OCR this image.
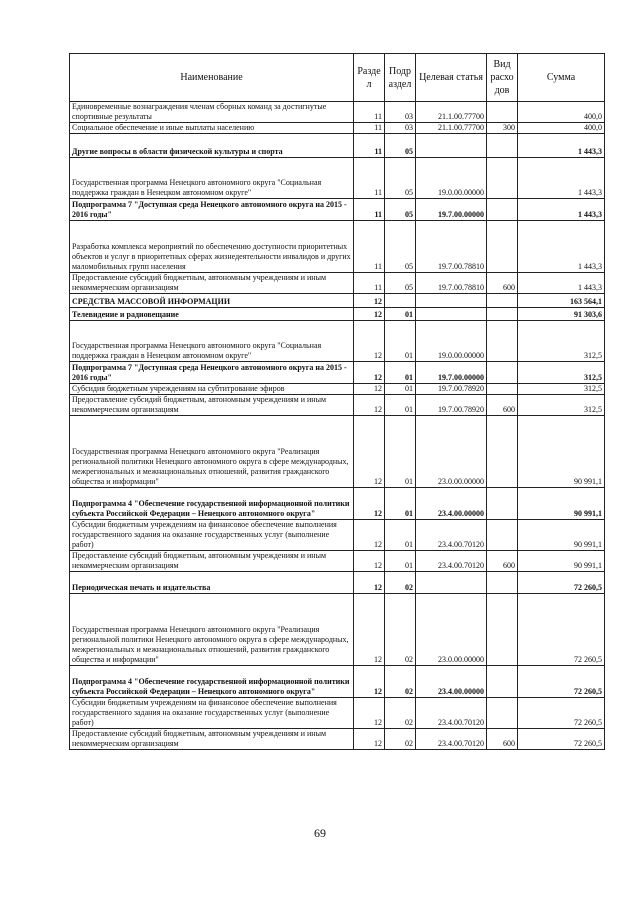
Наименование	Разде л	Подр аздел	Целевая статья	Вид расхо дов	Сумма
Единовременные вознаграждения членам сборных команд за достигнутые спортивные результаты	11	03	21.1.00.77700		400,0
Социальное обеспечение и иные выплаты населению	11	03	21.1.00.77700	300	400,0
Другие вопросы в области физической культуры и спорта	11	05			1 443,3
Государственная программа Ненецкого автономного округа "Социальная поддержка граждан в Ненецком автономном округе"	11	05	19.0.00.00000		1 443,3
Подпрограмма 7 "Доступная среда Ненецкого автономного округа на 2015 - 2016 годы"	11	05	19.7.00.00000		1 443,3
Разработка комплекса мероприятий по обеспечению доступности приоритетных объектов и услуг в приоритетных сферах жизнедеятельности инвалидов и других маломобильных групп населения	11	05	19.7.00.78810		1 443,3
Предоставление субсидий бюджетным, автономным учреждениям и иным некоммерческим организациям	11	05	19.7.00.78810	600	1 443,3
СРЕДСТВА МАССОВОЙ ИНФОРМАЦИИ	12				163 564,1
Телевидение и радиовещание	12	01			91 303,6
Государственная программа Ненецкого автономного округа "Социальная поддержка граждан в Ненецком автономном округе"	12	01	19.0.00.00000		312,5
Подпрограмма 7 "Доступная среда Ненецкого автономного округа на 2015 - 2016 годы"	12	01	19.7.00.00000		312,5
Субсидия бюджетным учреждениям на субтитрование эфиров	12	01	19.7.00.78920		312,5
Предоставление субсидий бюджетным, автономным учреждениям и иным некоммерческим организациям	12	01	19.7.00.78920	600	312,5
Государственная программа Ненецкого автономного округа "Реализация региональной политики Ненецкого автономного округа в сфере международных, межрегиональных и межнациональных отношений, развития гражданского общества и информации"	12	01	23.0.00.00000		90 991,1
Подпрограмма 4 "Обеспечение государственной информационной политики субъекта Российской Федерации – Ненецкого автономного округа"	12	01	23.4.00.00000		90 991,1
Субсидии бюджетным учреждениям на финансовое обеспечение выполнения государственного задания на оказание государственных услуг (выполнение работ)	12	01	23.4.00.70120		90 991,1
Предоставление субсидий бюджетным, автономным учреждениям и иным некоммерческим организациям	12	01	23.4.00.70120	600	90 991,1
Периодическая печать и издательства	12	02			72 260,5
Государственная программа Ненецкого автономного округа "Реализация региональной политики Ненецкого автономного округа в сфере международных, межрегиональных и межнациональных отношений, развития гражданского общества и информации"	12	02	23.0.00.00000		72 260,5
Подпрограмма 4 "Обеспечение государственной информационной политики субъекта Российской Федерации – Ненецкого автономного округа"	12	02	23.4.00.00000		72 260,5
Субсидии бюджетным учреждениям на финансовое обеспечение выполнения государственного задания на оказание государственных услуг (выполнение работ)	12	02	23.4.00.70120		72 260,5
Предоставление субсидий бюджетным, автономным учреждениям и иным некоммерческим организациям	12	02	23.4.00.70120	600	72 260,5
69
